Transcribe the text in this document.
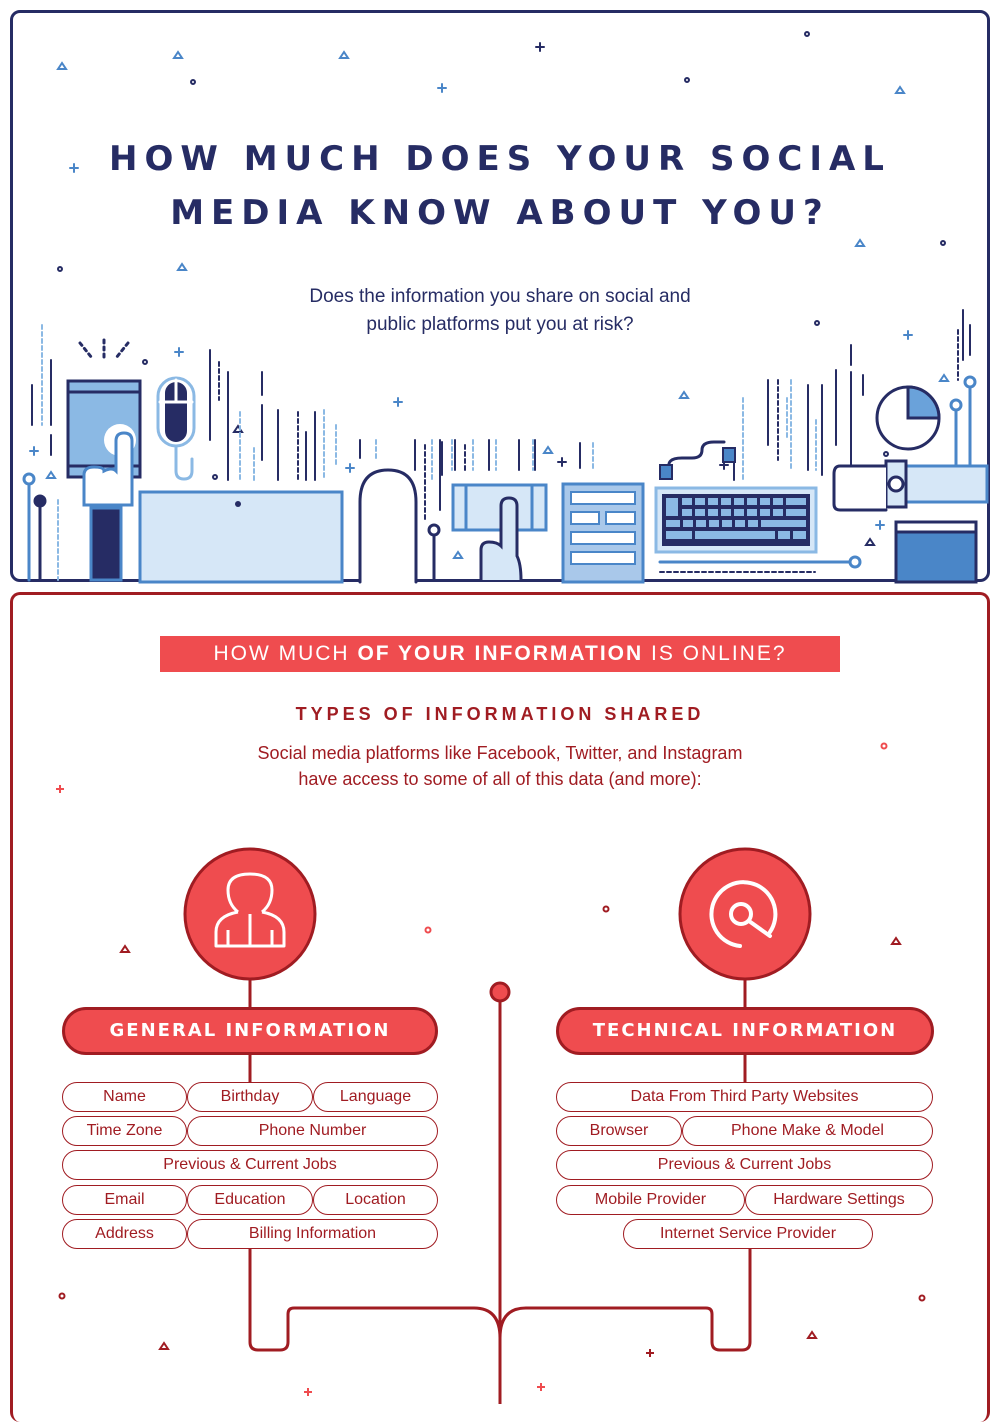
HOW MUCH DOES YOUR SOCIAL
MEDIA KNOW ABOUT YOU?
Does the information you share on social and
public platforms put you at risk?
HOW MUCH OF YOUR INFORMATION IS ONLINE?
TYPES OF INFORMATION SHARED
Social media platforms like Facebook, Twitter, and Instagram
have access to some of all of this data (and more):
GENERAL INFORMATION
Name	Birthday	Language
Time Zone	Phone Number
Previous & Current Jobs
Email	Education	Location
Address	Billing Information
TECHNICAL INFORMATION
Data From Third Party Websites
Browser	Phone Make & Model
Previous & Current Jobs
Mobile Provider	Hardware Settings
Internet Service Provider
